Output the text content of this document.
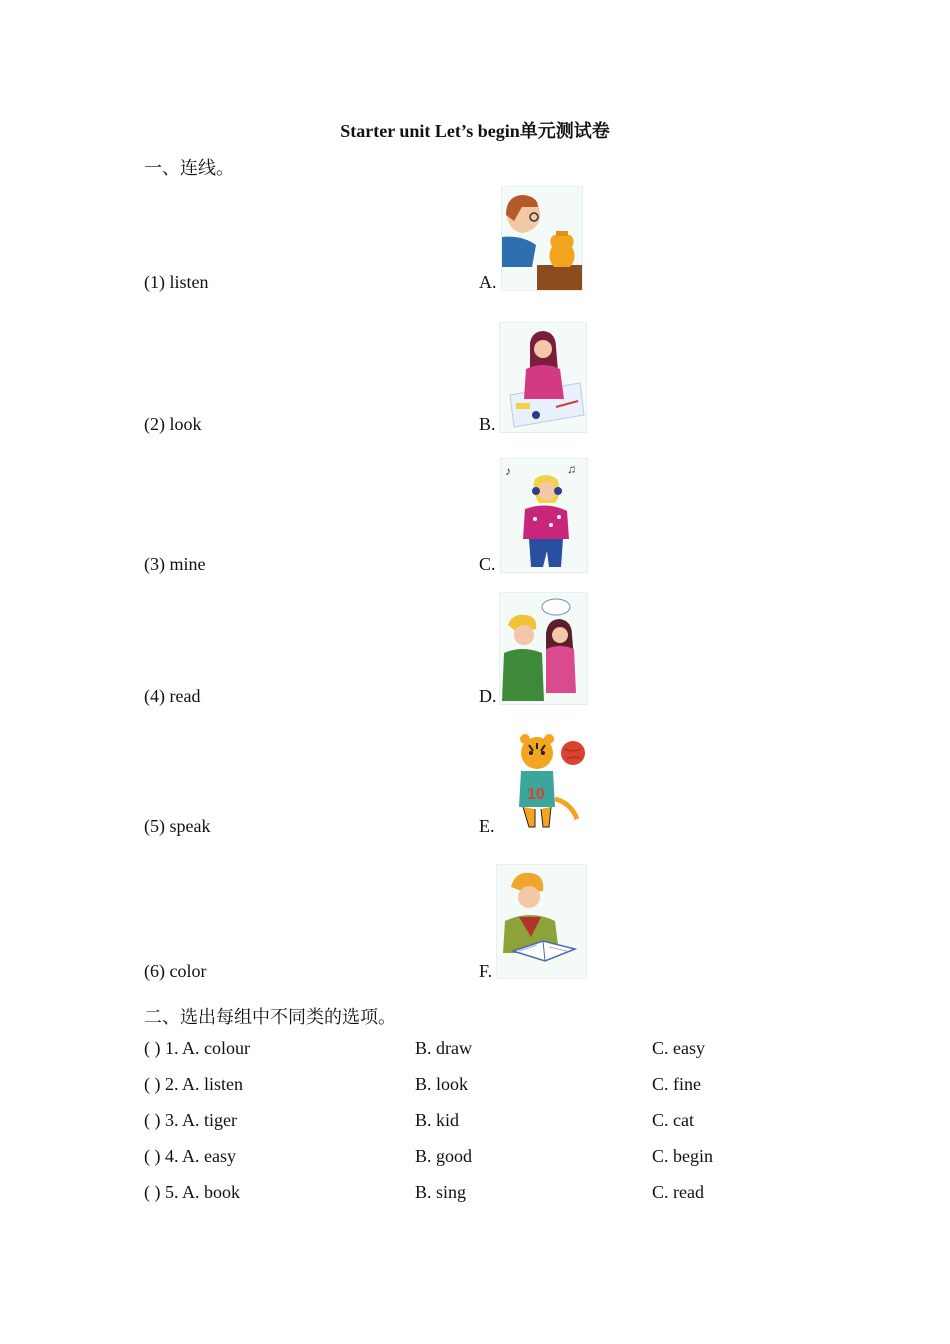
Starter unit Let’s begin单元测试卷
一、连线。
(1) listen	A.
(2) look	B.
(3) mine	C.
(4) read	D.
(5) speak	E.
(6) color	F.
♪	♫
10
二、选出每组中不同类的选项。
( ) 1. A. colour	B. draw	C. easy
( ) 2. A. listen	B. look	C. fine
( ) 3. A. tiger	B. kid	C. cat
( ) 4. A. easy	B. good	C. begin
( ) 5. A. book	B. sing	C. read
